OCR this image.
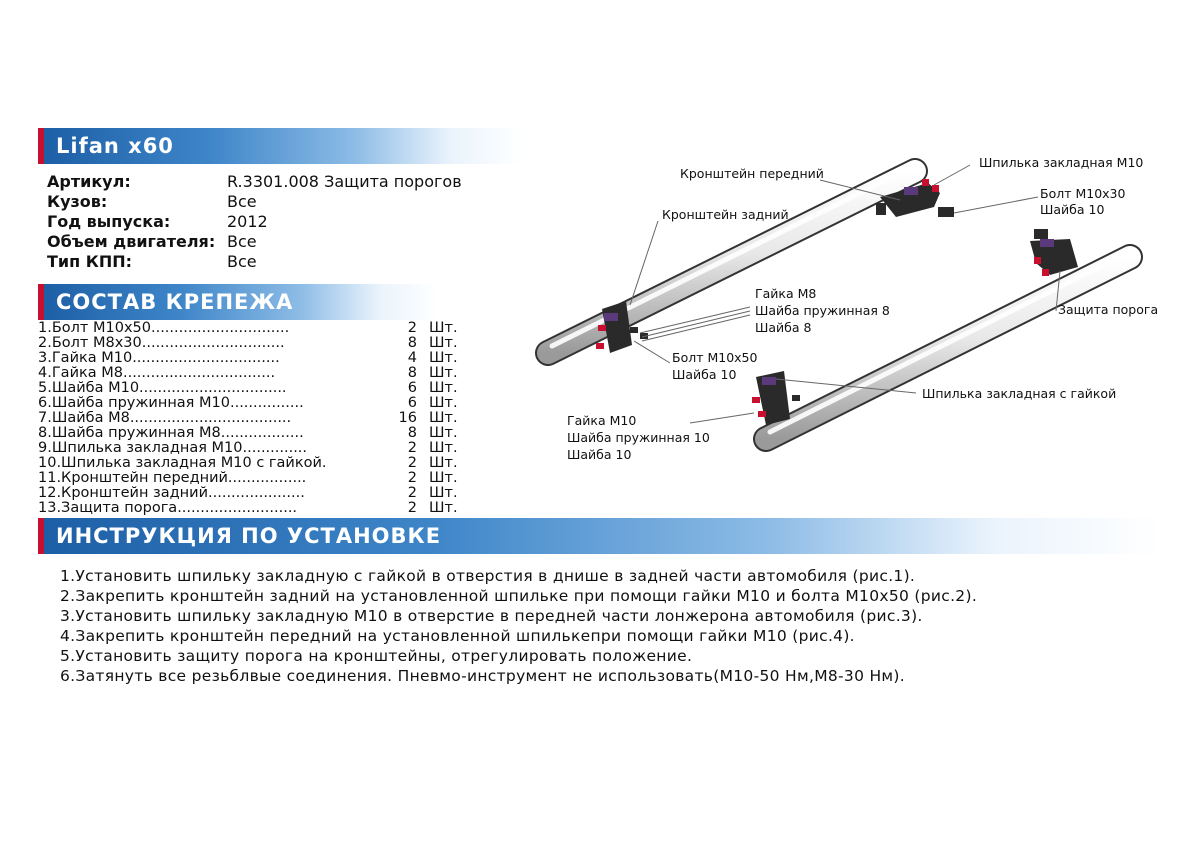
Lifan x60
Артикул:	R.3301.008 Защита порогов
Кузов:	Все
Год выпуска:	2012
Объем двигателя: Все
Тип КПП:	Все
СОСТАВ КРЕПЕЖА
1.Болт М10х50..............................	2 Шт.
2.Болт М8х30...............................	8 Шт.
3.Гайка М10................................	4 Шт.
4.Гайка М8.................................	8 Шт.
5.Шайба М10................................	6 Шт.
6.Шайба пружинная М10................	6 Шт.
7.Шайба М8...................................	16 Шт.
8.Шайба пружинная М8..................	8 Шт.
9.Шпилька закладная М10..............	2 Шт.
10.Шпилька закладная М10 с гайкой.	2 Шт.
11.Кронштейн передний.................	2 Шт.
12.Кронштейн задний.....................	2 Шт.
13.Защита порога..........................	2 Шт.
ИНСТРУКЦИЯ ПО УСТАНОВКЕ
1.Установить шпильку закладную с гайкой в отверстия в днише в задней части автомобиля (рис.1).
2.Закрепить кронштейн задний на установленной шпильке при помощи гайки М10 и болта М10х50 (рис.2).
3.Установить шпильку закладную М10 в отверстие в передней части лонжерона автомобиля (рис.3).
4.Закрепить кронштейн передний на установленной шпилькепри помощи гайки М10 (рис.4).
5.Установить защиту порога на кронштейны, отрегулировать положение.
6.Затянуть все резьблвые соединения. Пневмо-инструмент не использовать(М10-50 Нм,М8-30 Нм).
Кронштейн передний
Шпилька закладная М10
Болт М10х30
Шайба 10
Кронштейн задний
Гайка М8
Шайба пружинная 8
Шайба 8
Защита порога
Болт М10х50
Шайба 10
Шпилька закладная с гайкой
Гайка М10
Шайба пружинная 10
Шайба 10
